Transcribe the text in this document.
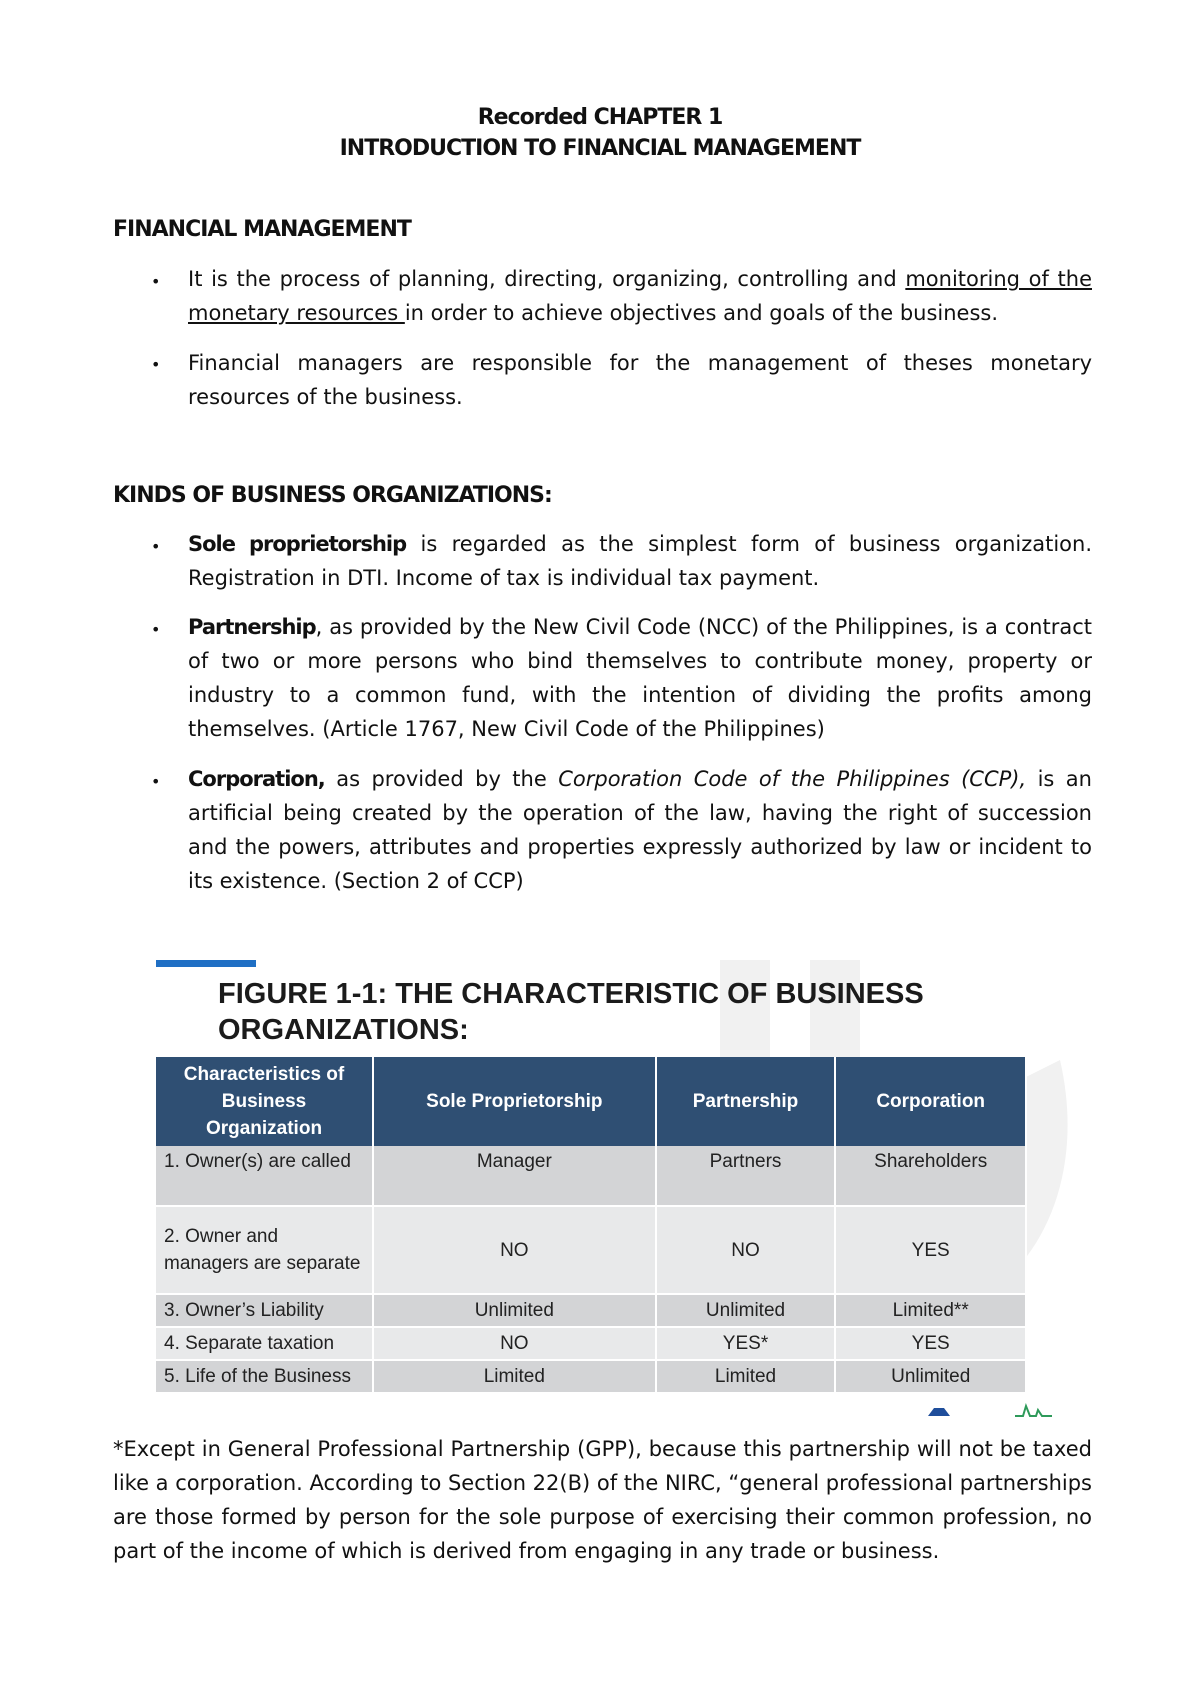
Recorded CHAPTER 1
INTRODUCTION TO FINANCIAL MANAGEMENT
FINANCIAL MANAGEMENT
• It is the process of planning, directing, organizing, controlling and monitoring of the monetary resources in order to achieve objectives and goals of the business.
• Financial managers are responsible for the management of theses monetary resources of the business.
KINDS OF BUSINESS ORGANIZATIONS:
• Sole proprietorship is regarded as the simplest form of business organization. Registration in DTI. Income of tax is individual tax payment.
• Partnership, as provided by the New Civil Code (NCC) of the Philippines, is a contract of two or more persons who bind themselves to contribute money, property or industry to a common fund, with the intention of dividing the profits among themselves. (Article 1767, New Civil Code of the Philippines)
• Corporation, as provided by the Corporation Code of the Philippines (CCP), is an artificial being created by the operation of the law, having the right of succession and the powers, attributes and properties expressly authorized by law or incident to its existence. (Section 2 of CCP)
FIGURE 1-1: THE CHARACTERISTIC OF BUSINESS ORGANIZATIONS:
Characteristics of Business Organization	Sole Proprietorship	Partnership	Corporation
1. Owner(s) are called	Manager	Partners	Shareholders
2. Owner and managers are separate	NO	NO	YES
3. Owner’s Liability	Unlimited	Unlimited	Limited**
4. Separate taxation	NO	YES*	YES
5. Life of the Business	Limited	Limited	Unlimited
*Except in General Professional Partnership (GPP), because this partnership will not be taxed like a corporation. According to Section 22(B) of the NIRC, “general professional partnerships are those formed by person for the sole purpose of exercising their common profession, no part of the income of which is derived from engaging in any trade or business.
